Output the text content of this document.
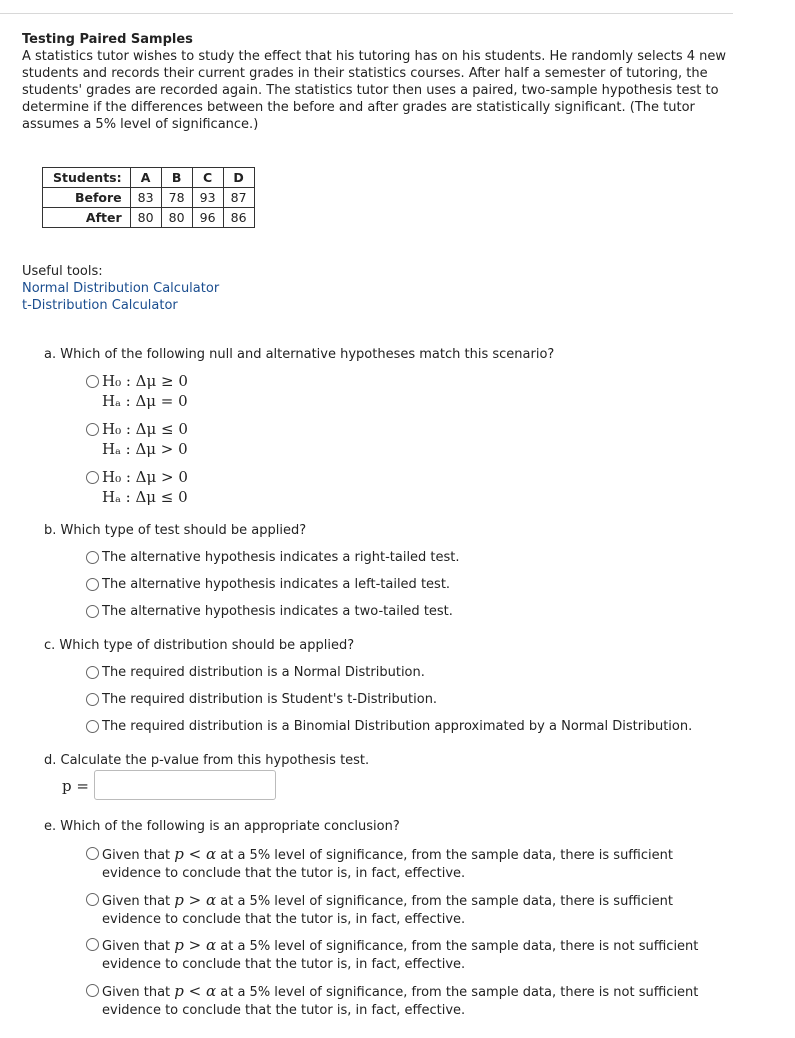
Testing Paired Samples
A statistics tutor wishes to study the effect that his tutoring has on his students. He randomly selects 4 new students and records their current grades in their statistics courses. After half a semester of tutoring, the students' grades are recorded again. The statistics tutor then uses a paired, two-sample hypothesis test to determine if the differences between the before and after grades are statistically significant. (The tutor assumes a 5% level of significance.)
Students:	A	B	C	D
Before	83	78	93	87
After	80	80	96	86
Useful tools:
Normal Distribution Calculator
t-Distribution Calculator
a. Which of the following null and alternative hypotheses match this scenario?
H₀ : Δμ ≥ 0
Hₐ : Δμ = 0
H₀ : Δμ ≤ 0
Hₐ : Δμ > 0
H₀ : Δμ > 0
Hₐ : Δμ ≤ 0
b. Which type of test should be applied?
The alternative hypothesis indicates a right-tailed test.
The alternative hypothesis indicates a left-tailed test.
The alternative hypothesis indicates a two-tailed test.
c. Which type of distribution should be applied?
The required distribution is a Normal Distribution.
The required distribution is Student's t-Distribution.
The required distribution is a Binomial Distribution approximated by a Normal Distribution.
d. Calculate the p-value from this hypothesis test.
p =
e. Which of the following is an appropriate conclusion?
Given that p < α at a 5% level of significance, from the sample data, there is sufficient evidence to conclude that the tutor is, in fact, effective.
Given that p > α at a 5% level of significance, from the sample data, there is sufficient evidence to conclude that the tutor is, in fact, effective.
Given that p > α at a 5% level of significance, from the sample data, there is not sufficient evidence to conclude that the tutor is, in fact, effective.
Given that p < α at a 5% level of significance, from the sample data, there is not sufficient evidence to conclude that the tutor is, in fact, effective.
